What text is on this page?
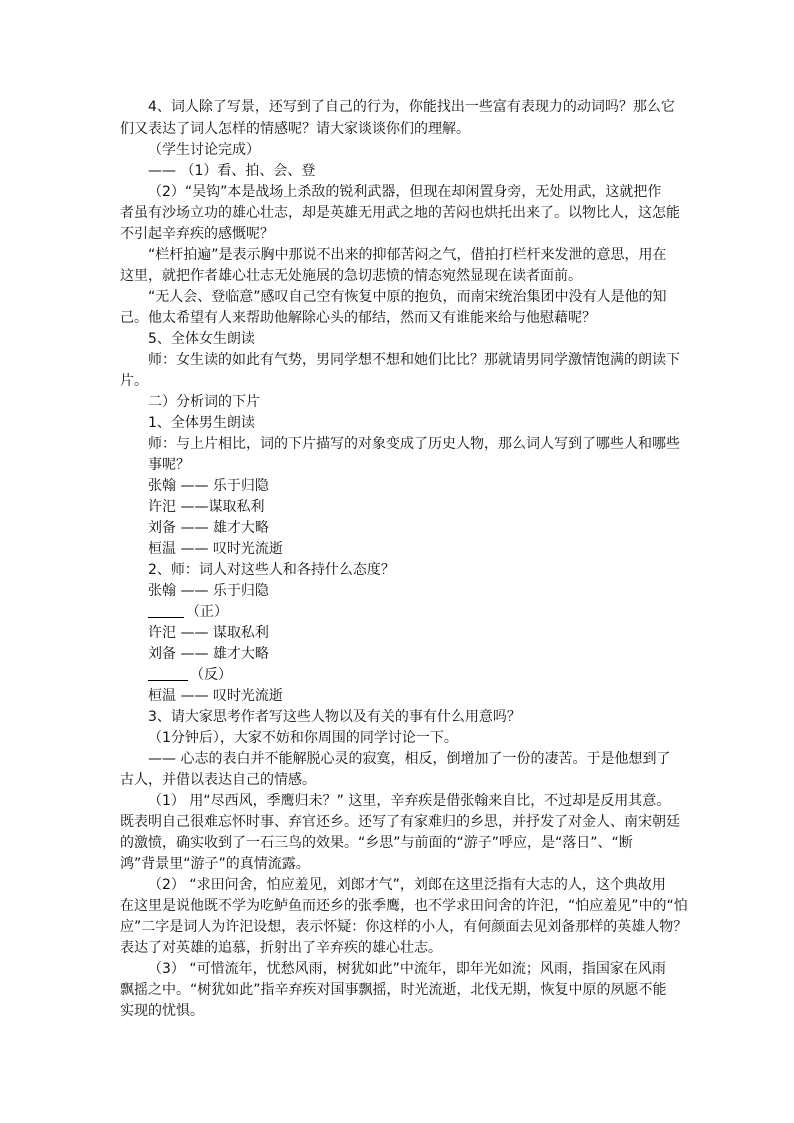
4、词人除了写景，还写到了自己的行为，你能找出一些富有表现力的动词吗？那么它
们又表达了词人怎样的情感呢？请大家谈谈你们的理解。
（学生讨论完成）
—— （1）看、拍、会、登
（2）“吴钩”本是战场上杀敌的锐利武器，但现在却闲置身旁，无处用武，这就把作
者虽有沙场立功的雄心壮志，却是英雄无用武之地的苦闷也烘托出来了。以物比人，这怎能
不引起辛弃疾的感慨呢？
“栏杆拍遍”是表示胸中那说不出来的抑郁苦闷之气，借拍打栏杆来发泄的意思，用在
这里，就把作者雄心壮志无处施展的急切悲愤的情态宛然显现在读者面前。
“无人会、登临意”感叹自己空有恢复中原的抱负，而南宋统治集团中没有人是他的知
己。他太希望有人来帮助他解除心头的郁结，然而又有谁能来给与他慰藉呢？
5、全体女生朗读
师：女生读的如此有气势，男同学想不想和她们比比？那就请男同学激情饱满的朗读下
片。
二）分析词的下片
1、全体男生朗读
师：与上片相比，词的下片描写的对象变成了历史人物，那么词人写到了哪些人和哪些
事呢？
张翰 —— 乐于归隐
许汜 ——谋取私利
刘备 —— 雄才大略
桓温 —— 叹时光流逝
2、师：词人对这些人和各持什么态度？
张翰 —— 乐于归隐
（正）
许汜 —— 谋取私利
刘备 —— 雄才大略
（反）
桓温 —— 叹时光流逝
3、请大家思考作者写这些人物以及有关的事有什么用意吗？
（1分钟后），大家不妨和你周围的同学讨论一下。
—— 心志的表白并不能解脱心灵的寂寞，相反，倒增加了一份的凄苦。于是他想到了
古人，并借以表达自己的情感。
（1） 用“尽西风，季鹰归未？” 这里，辛弃疾是借张翰来自比，不过却是反用其意。
既表明自己很难忘怀时事、弃官还乡。还写了有家难归的乡思，并抒发了对金人、南宋朝廷
的激愤，确实收到了一石三鸟的效果。“乡思”与前面的“游子”呼应，是“落日”、“断
鸿”背景里“游子”的真情流露。
（2） “求田问舍，怕应羞见，刘郎才气”，刘郎在这里泛指有大志的人，这个典故用
在这里是说他既不学为吃鲈鱼而还乡的张季鹰，也不学求田问舍的许汜，“怕应羞见”中的“怕
应”二字是词人为许汜设想，表示怀疑：你这样的小人，有何颜面去见刘备那样的英雄人物？
表达了对英雄的追慕，折射出了辛弃疾的雄心壮志。
（3） “可惜流年，忧愁风雨，树犹如此”中流年，即年光如流；风雨，指国家在风雨
飘摇之中。“树犹如此”指辛弃疾对国事飘摇，时光流逝，北伐无期，恢复中原的夙愿不能
实现的忧惧。
